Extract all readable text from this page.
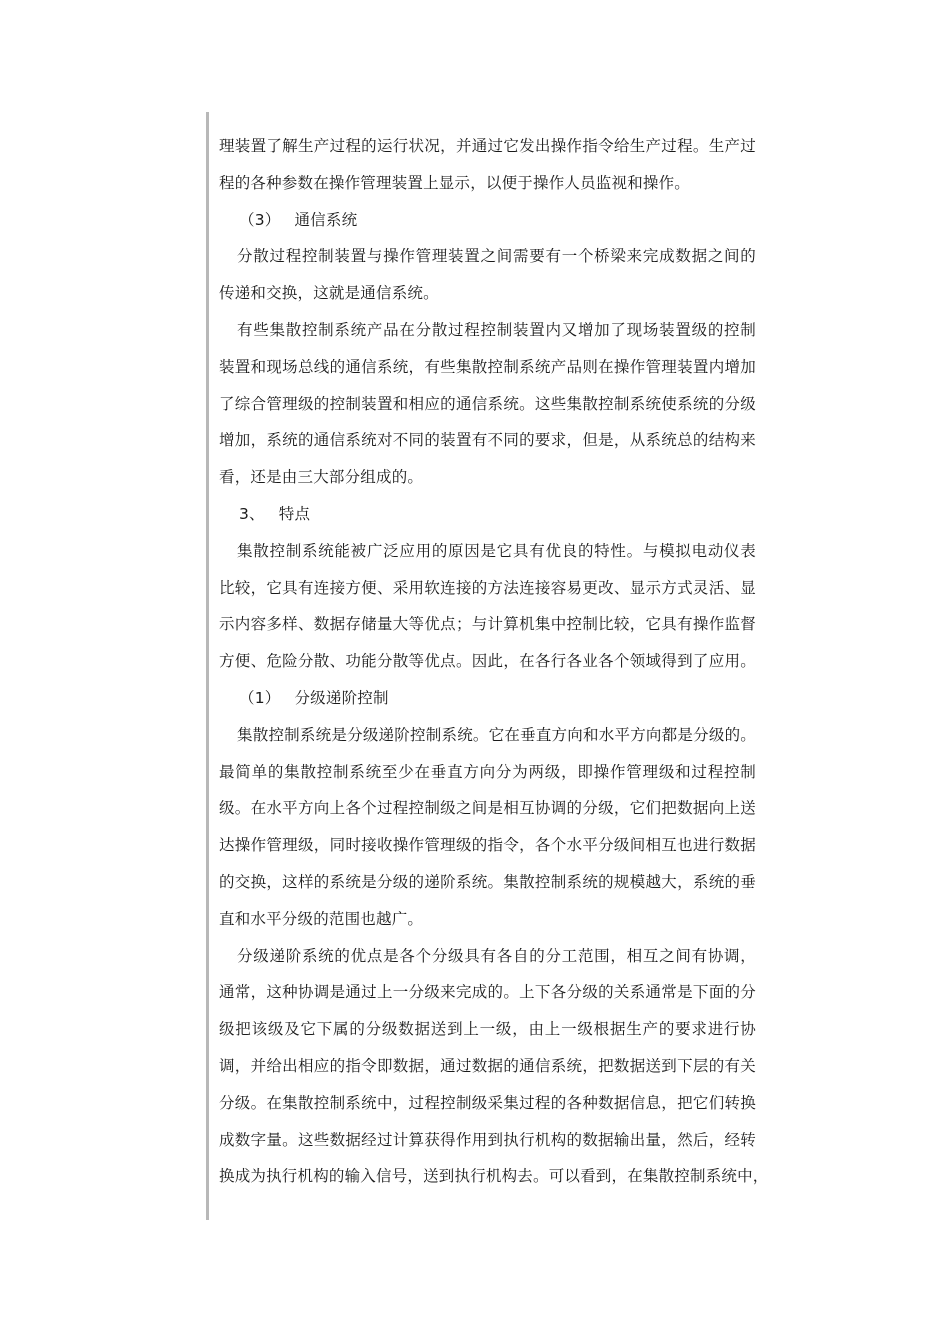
理装置了解生产过程的运行状况，并通过它发出操作指令给生产过程。生产过
程的各种参数在操作管理装置上显示，以便于操作人员监视和操作。
（3） 通信系统
分散过程控制装置与操作管理装置之间需要有一个桥梁来完成数据之间的
传递和交换，这就是通信系统。
有些集散控制系统产品在分散过程控制装置内又增加了现场装置级的控制
装置和现场总线的通信系统，有些集散控制系统产品则在操作管理装置内增加
了综合管理级的控制装置和相应的通信系统。这些集散控制系统使系统的分级
增加，系统的通信系统对不同的装置有不同的要求，但是，从系统总的结构来
看，还是由三大部分组成的。
3、 特点
集散控制系统能被广泛应用的原因是它具有优良的特性。与模拟电动仪表
比较，它具有连接方便、采用软连接的方法连接容易更改、显示方式灵活、显
示内容多样、数据存储量大等优点；与计算机集中控制比较，它具有操作监督
方便、危险分散、功能分散等优点。因此，在各行各业各个领域得到了应用。
（1） 分级递阶控制
集散控制系统是分级递阶控制系统。它在垂直方向和水平方向都是分级的。
最简单的集散控制系统至少在垂直方向分为两级，即操作管理级和过程控制
级。在水平方向上各个过程控制级之间是相互协调的分级，它们把数据向上送
达操作管理级，同时接收操作管理级的指令，各个水平分级间相互也进行数据
的交换，这样的系统是分级的递阶系统。集散控制系统的规模越大，系统的垂
直和水平分级的范围也越广。
分级递阶系统的优点是各个分级具有各自的分工范围，相互之间有协调，
通常，这种协调是通过上一分级来完成的。上下各分级的关系通常是下面的分
级把该级及它下属的分级数据送到上一级，由上一级根据生产的要求进行协
调，并给出相应的指令即数据，通过数据的通信系统，把数据送到下层的有关
分级。在集散控制系统中，过程控制级采集过程的各种数据信息，把它们转换
成数字量。这些数据经过计算获得作用到执行机构的数据输出量，然后，经转
换成为执行机构的输入信号，送到执行机构去。可以看到，在集散控制系统中，
